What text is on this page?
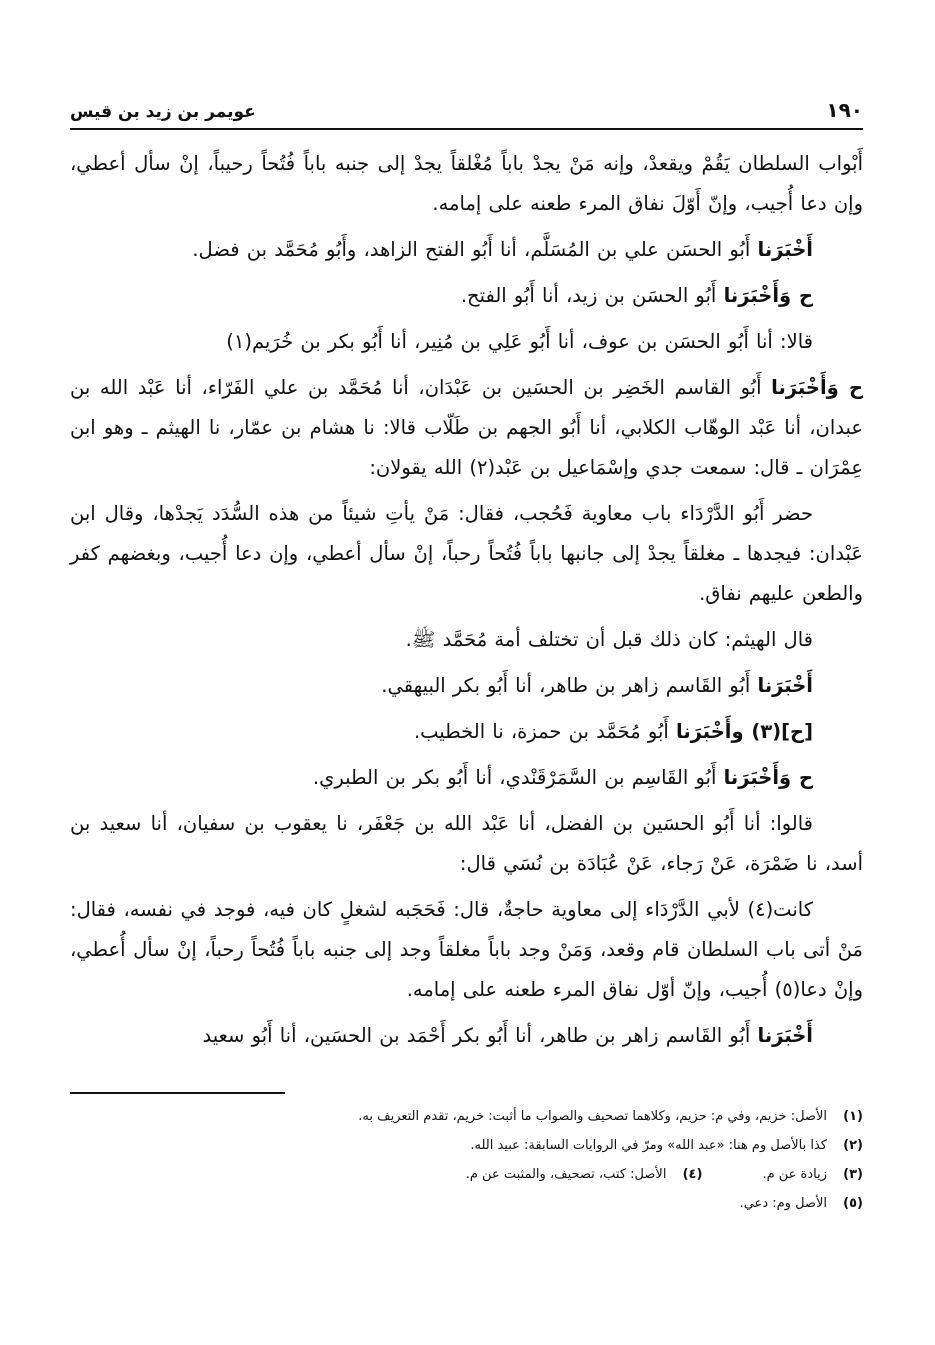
١٩٠
عويمر بن زيد بن قيس

أَبْواب السلطان يَقُمْ ويقعدْ، وإنه مَنْ يجدْ باباً مُغْلقاً يجدْ إلى جنبه باباً فُتُحاً رحيباً، إنْ سأل أعطي، وإن دعا أُجيب، وإنّ أَوّلَ نفاق المرء طعنه على إمامه.

أَخْبَرَنا أَبُو الحسَن علي بن المُسَلَّم، أنا أَبُو الفتح الزاهد، وأَبُو مُحَمَّد بن فضل.

ح وَأَخْبَرَنا أَبُو الحسَن بن زيد، أنا أَبُو الفتح.

قالا: أنا أَبُو الحسَن بن عوف، أنا أَبُو عَلِي بن مُنِير، أنا أَبُو بكر بن خُرَيم(١)

ح وَأَخْبَرَنا أَبُو القاسم الخَضِر بن الحسَين بن عَبْدَان، أنا مُحَمَّد بن علي الفَرّاء، أنا عَبْد الله بن عبدان، أنا عَبْد الوهّاب الكلابي، أنا أَبُو الجهم بن طَلّاب قالا: نا هشام بن عمّار، نا الهيثم ـ وهو ابن عِمْرَان ـ قال: سمعت جدي وإسْمَاعيل بن عَبْد(٢) الله يقولان:

حضر أَبُو الدَّرْدَاء باب معاوية فَحُجب، فقال: مَنْ يأتِ شيئاً من هذه السُّدَد يَجدْها، وقال ابن عَبْدان: فيجدها ـ مغلقاً يجدْ إلى جانبها باباً فُتُحاً رحباً، إنْ سأل أعطي، وإن دعا أُجيب، وبغضهم كفر والطعن عليهم نفاق.

قال الهيثم: كان ذلك قبل أن تختلف أمة مُحَمَّد ﷺ.

أَخْبَرَنا أَبُو القَاسم زاهر بن طاهر، أنا أَبُو بكر البيهقي.

[ح](٣) وأَخْبَرَنا أَبُو مُحَمَّد بن حمزة، نا الخطيب.

ح وَأَخْبَرَنا أَبُو القَاسِم بن السَّمَرْقَنْدي، أنا أَبُو بكر بن الطبري.

قالوا: أنا أَبُو الحسَين بن الفضل، أنا عَبْد الله بن جَعْفَر، نا يعقوب بن سفيان، أنا سعيد بن أسد، نا ضَمْرَة، عَنْ رَجاء، عَنْ عُبَادَة بن نُسَي قال:

كانت(٤) لأبي الدَّرْدَاء إلى معاوية حاجةٌ، قال: فَحَجَبه لشغلٍ كان فيه، فوجد في نفسه، فقال: مَنْ أتى باب السلطان قام وقعد، وَمَنْ وجد باباً مغلقاً وجد إلى جنبه باباً فُتُحاً رحباً، إنْ سأل أُعطي، وإنْ دعا(٥) أُجيب، وإنّ أوّل نفاق المرء طعنه على إمامه.

أَخْبَرَنا أَبُو القَاسم زاهر بن طاهر، أنا أَبُو بكر أَحْمَد بن الحسَين، أنا أَبُو سعيد

(١)الأصل: خزيم، وفي م: حزيم، وكلاهما تصحيف والصواب ما أثبت: خريم، تقدم التعريف به.
(٢)كذا بالأصل وم هنا: «عبد الله» ومرّ في الروايات السابقة: عبيد الله.
(٣)زيادة عن م.
(٤)الأصل: كتب، تصحيف، والمثبت عن م.
(٥)الأصل وم: دعي.
